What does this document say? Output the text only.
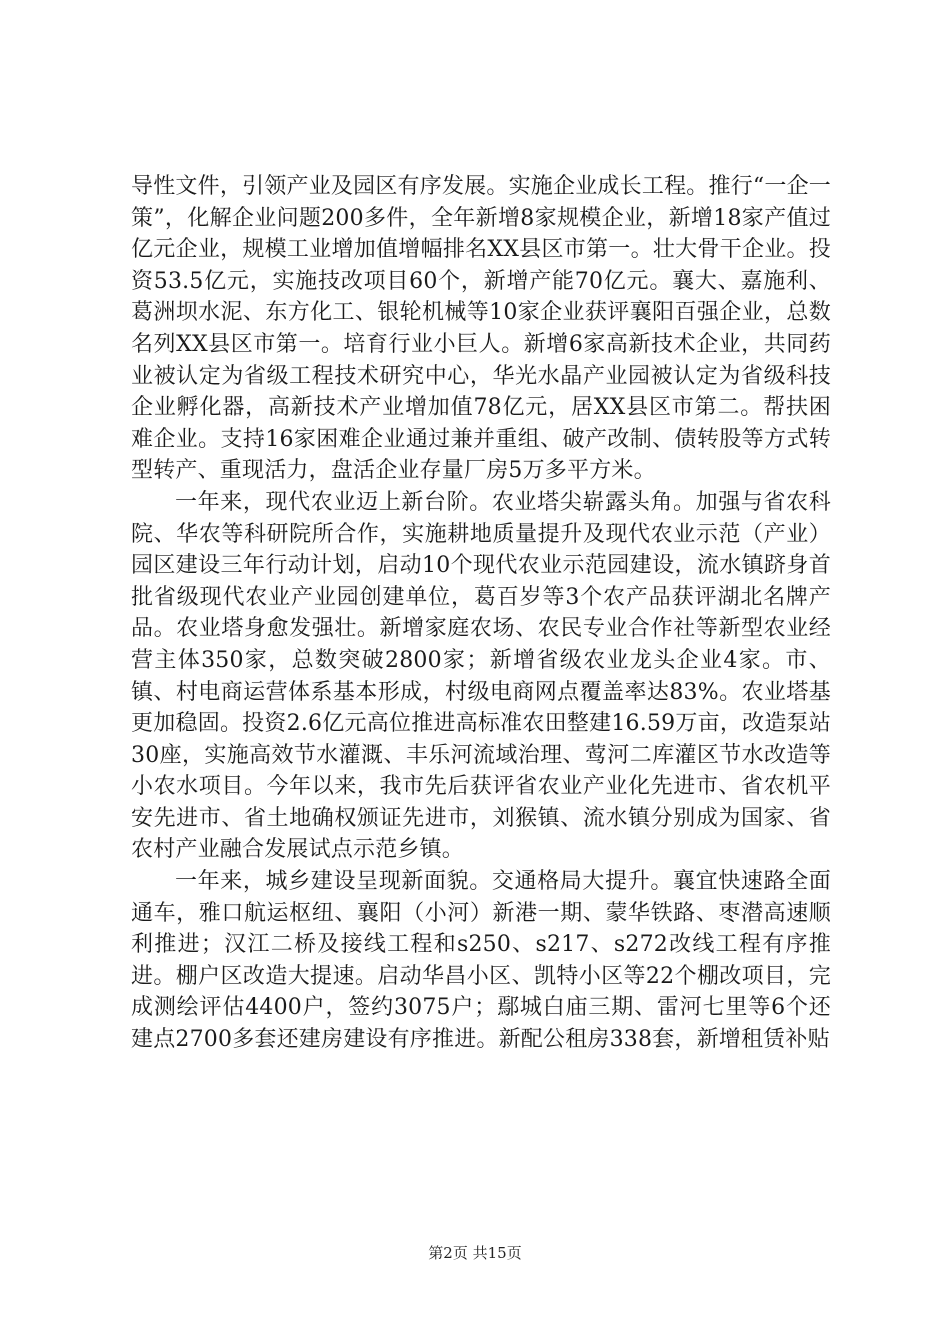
导性文件，引领产业及园区有序发展。实施企业成长工程。推行“一企一策”，化解企业问题200多件，全年新增8家规模企业，新增18家产值过亿元企业，规模工业增加值增幅排名XX县区市第一。壮大骨干企业。投资53.5亿元，实施技改项目60个，新增产能70亿元。襄大、嘉施利、葛洲坝水泥、东方化工、银轮机械等10家企业获评襄阳百强企业，总数名列XX县区市第一。培育行业小巨人。新增6家高新技术企业，共同药业被认定为省级工程技术研究中心，华光水晶产业园被认定为省级科技企业孵化器，高新技术产业增加值78亿元，居XX县区市第二。帮扶困难企业。支持16家困难企业通过兼并重组、破产改制、债转股等方式转型转产、重现活力，盘活企业存量厂房5万多平方米。

一年来，现代农业迈上新台阶。农业塔尖崭露头角。加强与省农科院、华农等科研院所合作，实施耕地质量提升及现代农业示范（产业）园区建设三年行动计划，启动10个现代农业示范园建设，流水镇跻身首批省级现代农业产业园创建单位，葛百岁等3个农产品获评湖北名牌产品。农业塔身愈发强壮。新增家庭农场、农民专业合作社等新型农业经营主体350家，总数突破2800家；新增省级农业龙头企业4家。市、镇、村电商运营体系基本形成，村级电商网点覆盖率达83%。农业塔基更加稳固。投资2.6亿元高位推进高标准农田整建16.59万亩，改造泵站30座，实施高效节水灌溉、丰乐河流域治理、莺河二库灌区节水改造等小农水项目。今年以来，我市先后获评省农业产业化先进市、省农机平安先进市、省土地确权颁证先进市，刘猴镇、流水镇分别成为国家、省农村产业融合发展试点示范乡镇。

一年来，城乡建设呈现新面貌。交通格局大提升。襄宜快速路全面通车，雅口航运枢纽、襄阳（小河）新港一期、蒙华铁路、枣潜高速顺利推进；汉江二桥及接线工程和s250、s217、s272改线工程有序推进。棚户区改造大提速。启动华昌小区、凯特小区等22个棚改项目，完成测绘评估4400户，签约3075户；鄢城白庙三期、雷河七里等6个还建点2700多套还建房建设有序推进。新配公租房338套，新增租赁补贴

第2页 共15页
